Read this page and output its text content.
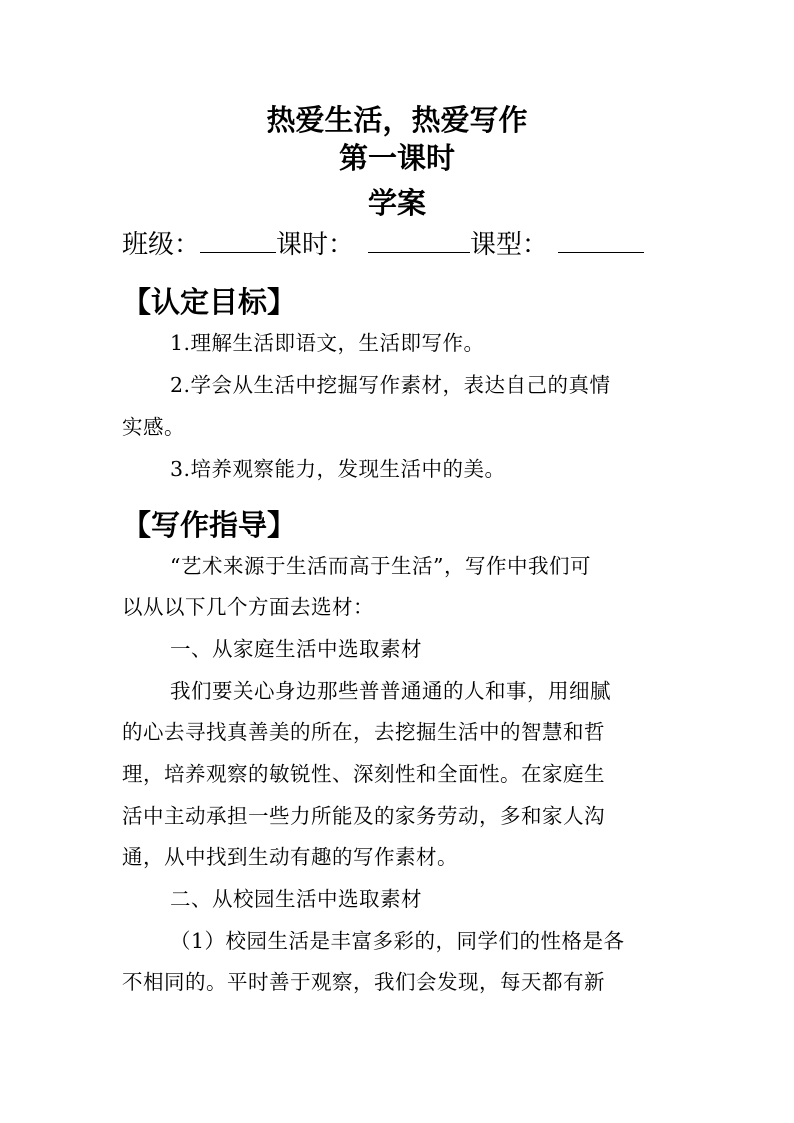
热爱生活，热爱写作
第一课时
学案
班级：	课时：	课型：
【认定目标】
1.理解生活即语文，生活即写作。
2.学会从生活中挖掘写作素材，表达自己的真情
实感。
3.培养观察能力，发现生活中的美。
【写作指导】
“艺术来源于生活而高于生活”，写作中我们可
以从以下几个方面去选材：
一、从家庭生活中选取素材
我们要关心身边那些普普通通的人和事，用细腻
的心去寻找真善美的所在，去挖掘生活中的智慧和哲
理，培养观察的敏锐性、深刻性和全面性。在家庭生
活中主动承担一些力所能及的家务劳动，多和家人沟
通，从中找到生动有趣的写作素材。
二、从校园生活中选取素材
（1）校园生活是丰富多彩的，同学们的性格是各
不相同的。平时善于观察，我们会发现，每天都有新
